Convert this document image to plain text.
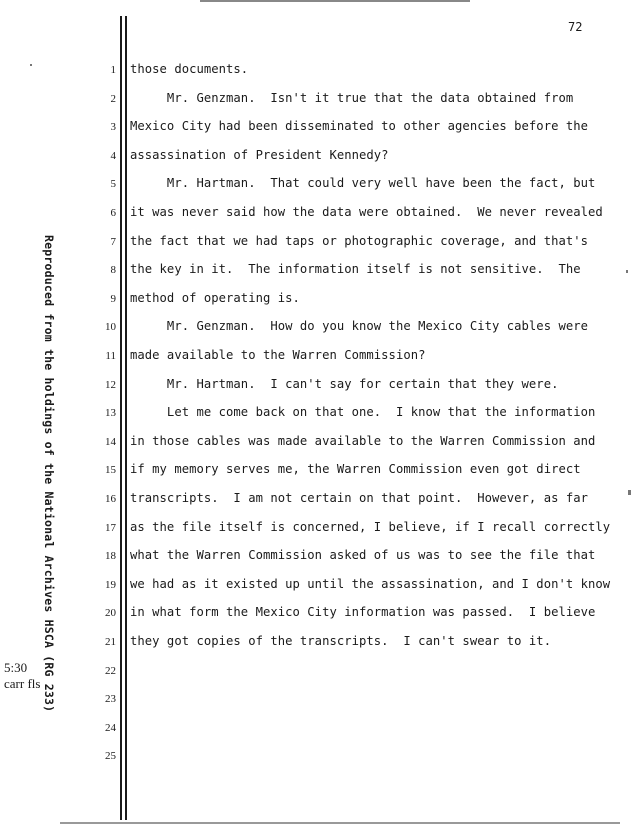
72
Reproduced from the holdings of the National Archives HSCA (RG 233)
5:30
carr fls
1
2
3
4
5
6
7
8
9
10
11
12
13
14
15
16
17
18
19
20
21
22
23
24
25
those documents.
Mr. Genzman.  Isn't it true that the data obtained from
Mexico City had been disseminated to other agencies before the
assassination of President Kennedy?
Mr. Hartman.  That could very well have been the fact, but
it was never said how the data were obtained.  We never revealed
the fact that we had taps or photographic coverage, and that's
the key in it.  The information itself is not sensitive.  The
method of operating is.
Mr. Genzman.  How do you know the Mexico City cables were
made available to the Warren Commission?
Mr. Hartman.  I can't say for certain that they were.
Let me come back on that one.  I know that the information
in those cables was made available to the Warren Commission and
if my memory serves me, the Warren Commission even got direct
transcripts.  I am not certain on that point.  However, as far
as the file itself is concerned, I believe, if I recall correctly
what the Warren Commission asked of us was to see the file that
we had as it existed up until the assassination, and I don't know
in what form the Mexico City information was passed.  I believe
they got copies of the transcripts.  I can't swear to it.
